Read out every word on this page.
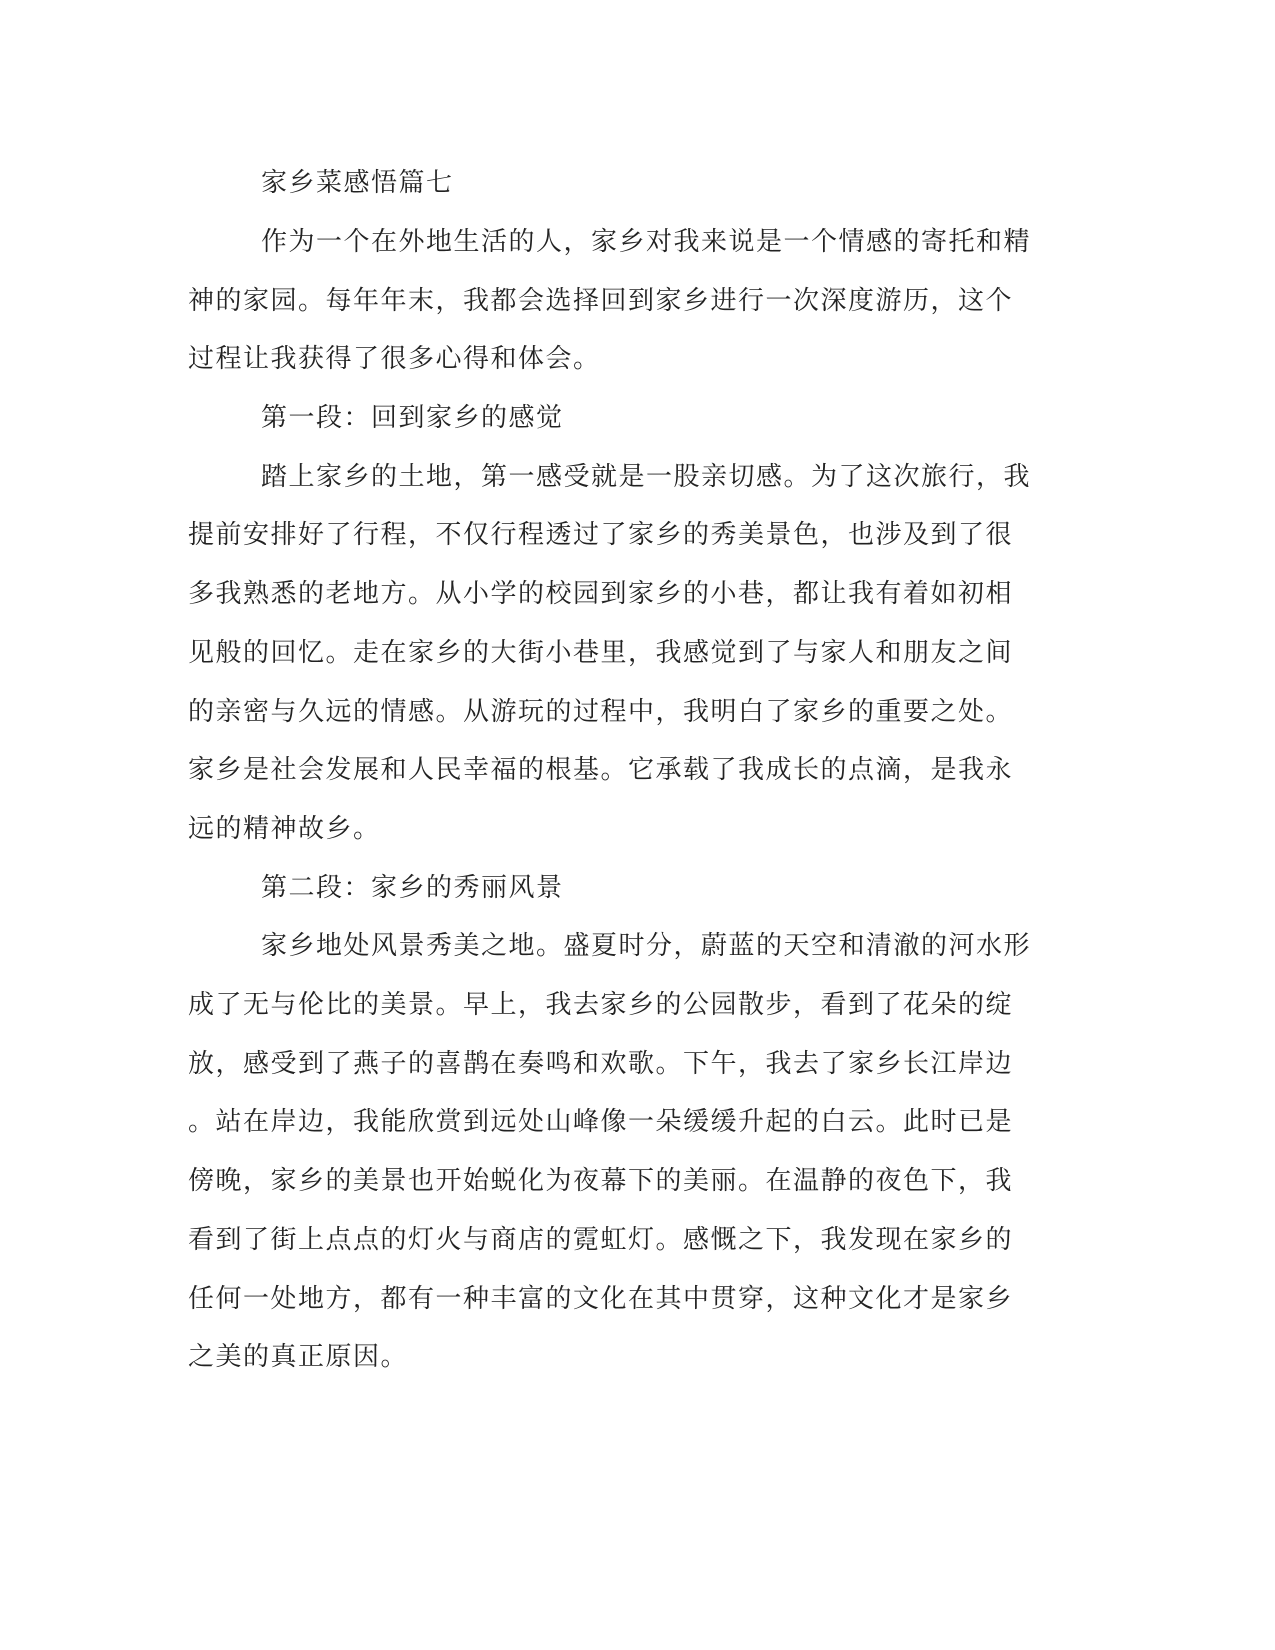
家乡菜感悟篇七
作为一个在外地生活的人，家乡对我来说是一个情感的寄托和精
神的家园。每年年末，我都会选择回到家乡进行一次深度游历，这个
过程让我获得了很多心得和体会。
第一段：回到家乡的感觉
踏上家乡的土地，第一感受就是一股亲切感。为了这次旅行，我
提前安排好了行程，不仅行程透过了家乡的秀美景色，也涉及到了很
多我熟悉的老地方。从小学的校园到家乡的小巷，都让我有着如初相
见般的回忆。走在家乡的大街小巷里，我感觉到了与家人和朋友之间
的亲密与久远的情感。从游玩的过程中，我明白了家乡的重要之处。
家乡是社会发展和人民幸福的根基。它承载了我成长的点滴，是我永
远的精神故乡。
第二段：家乡的秀丽风景
家乡地处风景秀美之地。盛夏时分，蔚蓝的天空和清澈的河水形
成了无与伦比的美景。早上，我去家乡的公园散步，看到了花朵的绽
放，感受到了燕子的喜鹊在奏鸣和欢歌。下午，我去了家乡长江岸边
。站在岸边，我能欣赏到远处山峰像一朵缓缓升起的白云。此时已是
傍晚，家乡的美景也开始蜕化为夜幕下的美丽。在温静的夜色下，我
看到了街上点点的灯火与商店的霓虹灯。感慨之下，我发现在家乡的
任何一处地方，都有一种丰富的文化在其中贯穿，这种文化才是家乡
之美的真正原因。
